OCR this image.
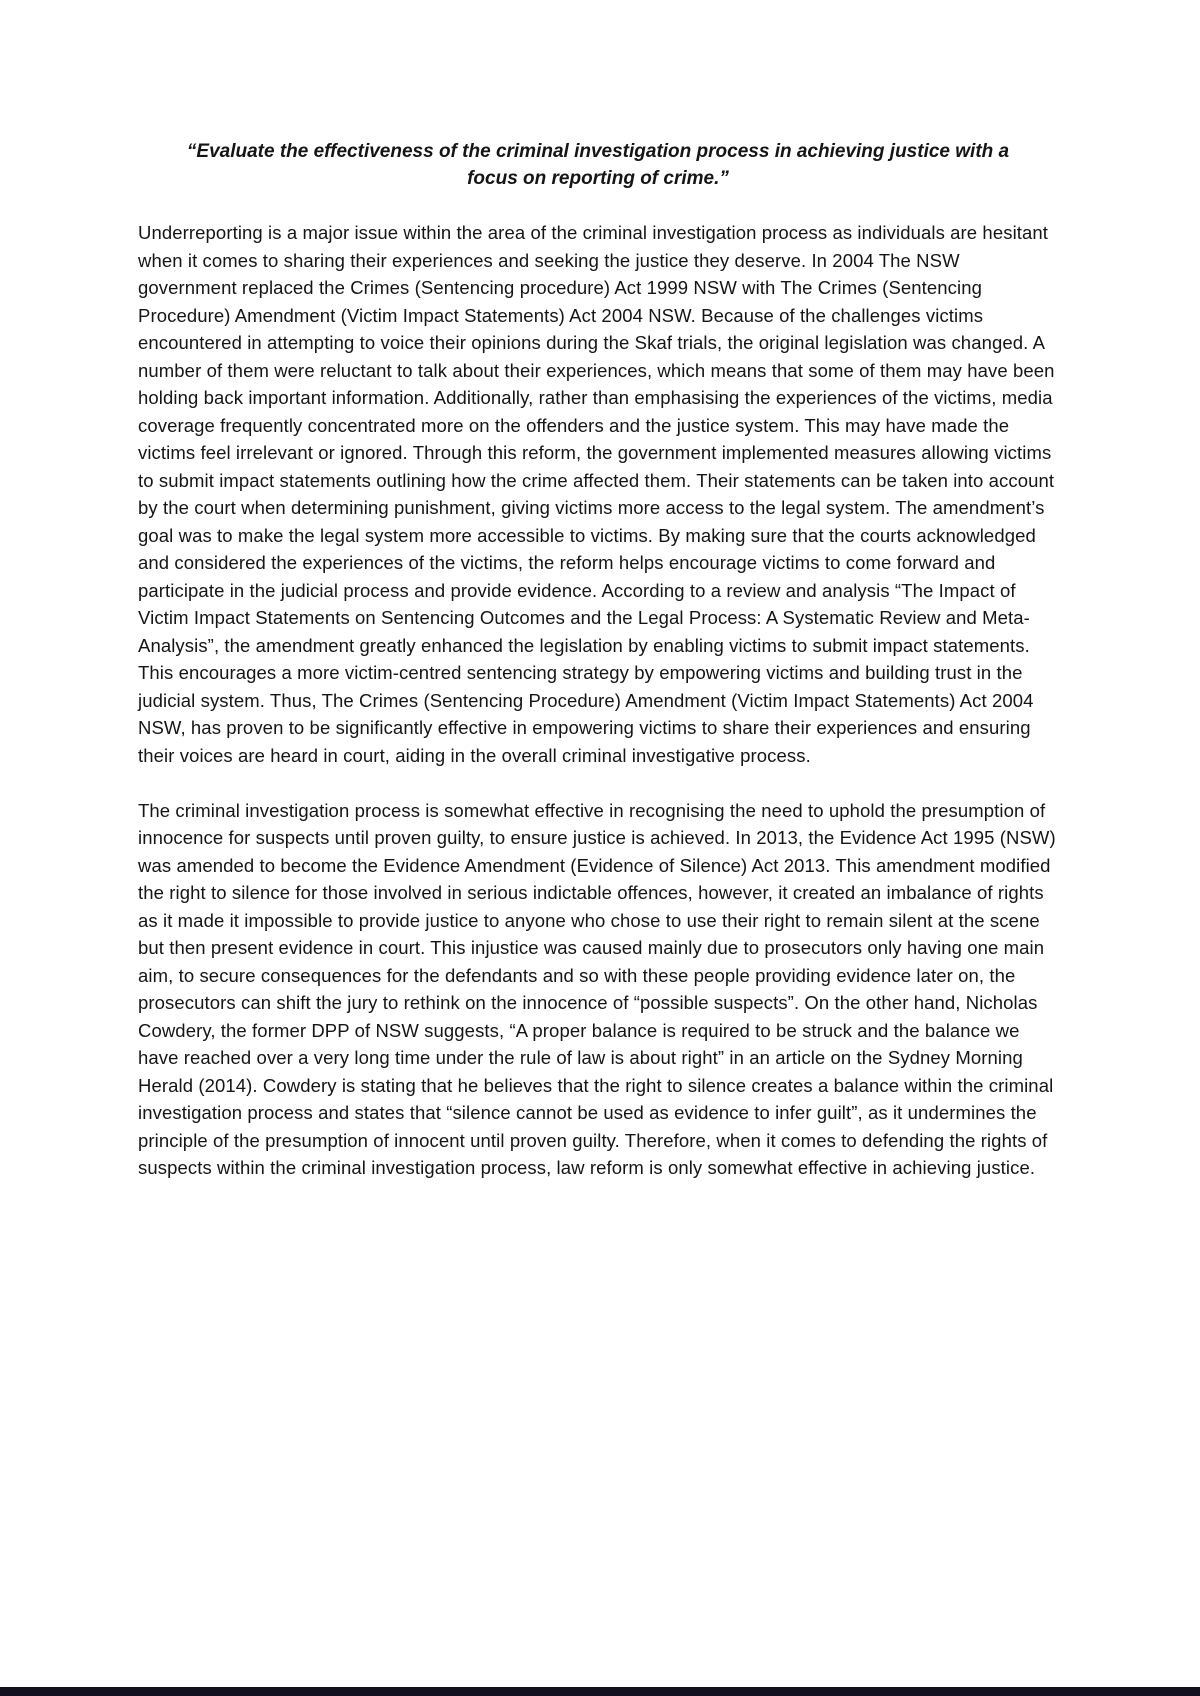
“Evaluate the effectiveness of the criminal investigation process in achieving justice with a focus on reporting of crime.”

Underreporting is a major issue within the area of the criminal investigation process as individuals are hesitant when it comes to sharing their experiences and seeking the justice they deserve. In 2004 The NSW government replaced the Crimes (Sentencing procedure) Act 1999 NSW with The Crimes (Sentencing Procedure) Amendment (Victim Impact Statements) Act 2004 NSW. Because of the challenges victims encountered in attempting to voice their opinions during the Skaf trials, the original legislation was changed. A number of them were reluctant to talk about their experiences, which means that some of them may have been holding back important information. Additionally, rather than emphasising the experiences of the victims, media coverage frequently concentrated more on the offenders and the justice system. This may have made the victims feel irrelevant or ignored. Through this reform, the government implemented measures allowing victims to submit impact statements outlining how the crime affected them. Their statements can be taken into account by the court when determining punishment, giving victims more access to the legal system. The amendment’s goal was to make the legal system more accessible to victims. By making sure that the courts acknowledged and considered the experiences of the victims, the reform helps encourage victims to come forward and participate in the judicial process and provide evidence. According to a review and analysis “The Impact of Victim Impact Statements on Sentencing Outcomes and the Legal Process: A Systematic Review and Meta-Analysis”, the amendment greatly enhanced the legislation by enabling victims to submit impact statements. This encourages a more victim-centred sentencing strategy by empowering victims and building trust in the judicial system. Thus, The Crimes (Sentencing Procedure) Amendment (Victim Impact Statements) Act 2004 NSW, has proven to be significantly effective in empowering victims to share their experiences and ensuring their voices are heard in court, aiding in the overall criminal investigative process.

The criminal investigation process is somewhat effective in recognising the need to uphold the presumption of innocence for suspects until proven guilty, to ensure justice is achieved. In 2013, the Evidence Act 1995 (NSW) was amended to become the Evidence Amendment (Evidence of Silence) Act 2013. This amendment modified the right to silence for those involved in serious indictable offences, however, it created an imbalance of rights as it made it impossible to provide justice to anyone who chose to use their right to remain silent at the scene but then present evidence in court. This injustice was caused mainly due to prosecutors only having one main aim, to secure consequences for the defendants and so with these people providing evidence later on, the prosecutors can shift the jury to rethink on the innocence of “possible suspects”. On the other hand, Nicholas Cowdery, the former DPP of NSW suggests, “A proper balance is required to be struck and the balance we have reached over a very long time under the rule of law is about right” in an article on the Sydney Morning Herald (2014). Cowdery is stating that he believes that the right to silence creates a balance within the criminal investigation process and states that “silence cannot be used as evidence to infer guilt”, as it undermines the principle of the presumption of innocent until proven guilty. Therefore, when it comes to defending the rights of suspects within the criminal investigation process, law reform is only somewhat effective in achieving justice.
